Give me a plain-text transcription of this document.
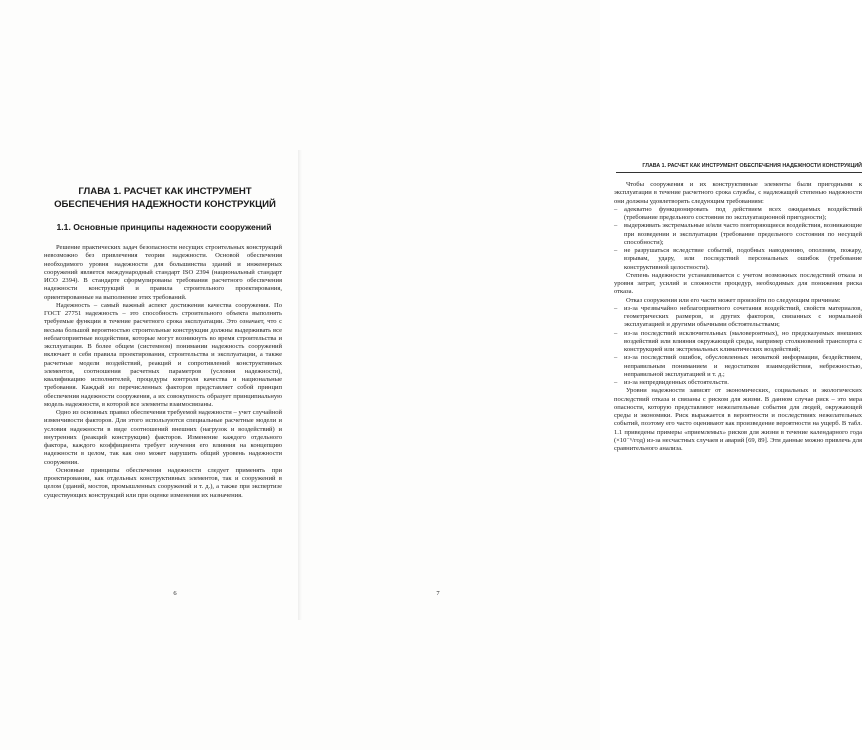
ГЛАВА 1. РАСЧЕТ КАК ИНСТРУМЕНТ ОБЕСПЕЧЕНИЯ НАДЕЖНОСТИ КОНСТРУКЦИЙ
1.1. Основные принципы надежности сооружений

Решение практических задач безопасности несущих строительных конструкций невозможно без привлечения теории надежности. Основой обеспечения необходимого уровня надежности для большинства зданий и инженерных сооружений является международный стандарт ISO 2394 (национальный стандарт ИСО 2394). В стандарте сформулированы требования расчетного обеспечения надежности конструкций и правила строительного проектирования, ориентированные на выполнение этих требований.

Надежность – самый важный аспект достижения качества сооружения. По ГОСТ 27751 надежность – это способность строительного объекта выполнять требуемые функции в течение расчетного срока эксплуатации. Это означает, что с весьма большой вероятностью строительные конструкции должны выдерживать все неблагоприятные воздействия, которые могут возникнуть во время строительства и эксплуатации. В более общем (системном) понимании надежность сооружений включает в себя правила проектирования, строительства и эксплуатации, а также расчетные модели воздействий, реакций и сопротивлений конструктивных элементов, соотношения расчетных параметров (условия надежности), квалификацию исполнителей, процедуры контроля качества и национальные требования. Каждый из перечисленных факторов представляет собой принцип обеспечения надежности сооружения, а их совокупность образует принципиальную модель надежности, в которой все элементы взаимосвязаны.

Одно из основных правил обеспечения требуемой надежности – учет случайной изменчивости факторов. Для этого используются специальные расчетные модели и условия надежности в виде соотношений внешних (нагрузок и воздействий) и внутренних (реакций конструкции) факторов. Изменение каждого отдельного фактора, каждого коэффициента требует изучения его влияния на концепцию надежности в целом, так как оно может нарушить общий уровень надежности сооружения.

Основные принципы обеспечения надежности следует применять при проектировании, как отдельных конструктивных элементов, так и сооружений в целом (зданий, мостов, промышленных сооружений и т. д.), а также при экспертизе существующих конструкций или при оценке изменения их назначения.

6
ГЛАВА 1. РАСЧЕТ КАК ИНСТРУМЕНТ ОБЕСПЕЧЕНИЯ НАДЕЖНОСТИ КОНСТРУКЦИЙ

Чтобы сооружения и их конструктивные элементы были пригодными к эксплуатации в течение расчетного срока службы, с надлежащей степенью надежности они должны удовлетворять следующим требованиям:

– адекватно функционировать под действием всех ожидаемых воздействий (требование предельного состояния по эксплуатационной пригодности);

– выдерживать экстремальные и/или часто повторяющиеся воздействия, возникающие при возведении и эксплуатации (требование предельного состояния по несущей способности);

– не разрушаться вследствие событий, подобных наводнению, оползням, пожару, взрывам, удару, или последствий персональных ошибок (требование конструктивной целостности).

Степень надежности устанавливается с учетом возможных последствий отказа и уровня затрат, усилий и сложности процедур, необходимых для понижения риска отказа.

Отказ сооружения или его части может произойти по следующим причинам:

– из-за чрезвычайно неблагоприятного сочетания воздействий, свойств материалов, геометрических размеров, и других факторов, связанных с нормальной эксплуатацией и другими обычными обстоятельствами;

– из-за последствий исключительных (маловероятных), но предсказуемых внешних воздействий или влияния окружающей среды, например столкновений транспорта с конструкцией или экстремальных климатических воздействий;

– из-за последствий ошибок, обусловленных нехваткой информации, бездействием, неправильным пониманием и недостатком взаимодействия, небрежностью, неправильной эксплуатацией и т. д.;

– из-за непредвиденных обстоятельств.

Уровни надежности зависят от экономических, социальных и экологических последствий отказа и связаны с риском для жизни. В данном случае риск – это мера опасности, которую представляют нежелательные события для людей, окружающей среды и экономики. Риск выражается в вероятности и последствиях нежелательных событий, поэтому его часто оценивают как произведение вероятности на ущерб. В табл. 1.1 приведены примеры «приемлемых» рисков для жизни в течение календарного года (×10⁻⁶/год) из-за несчастных случаев и аварий [69, 89]. Эти данные можно привлечь для сравнительного анализа.

7
